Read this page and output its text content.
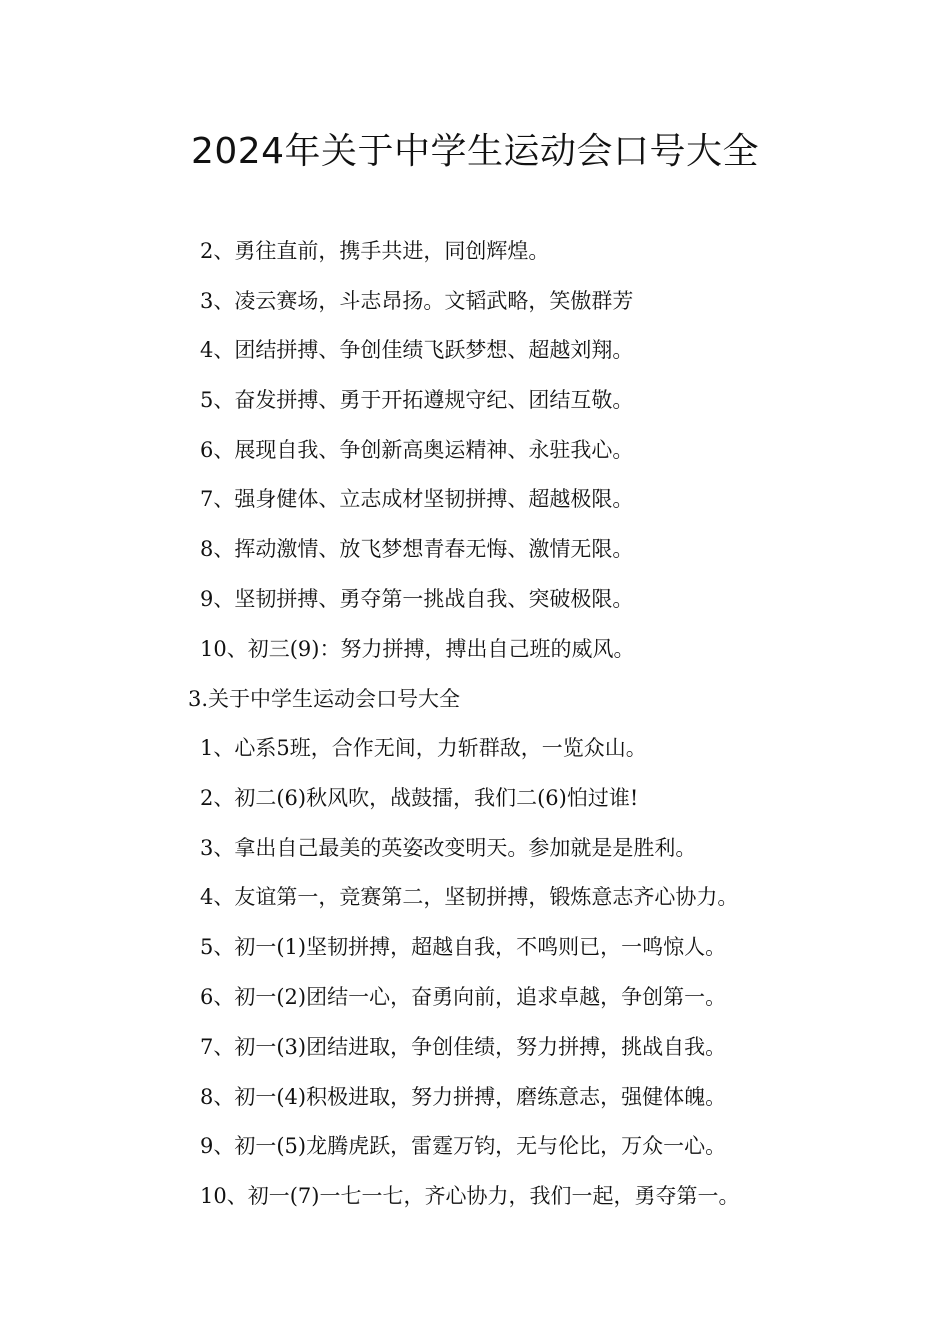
2024年关于中学生运动会口号大全
2、勇往直前，携手共进，同创辉煌。
3、凌云赛场，斗志昂扬。文韬武略，笑傲群芳
4、团结拼搏、争创佳绩飞跃梦想、超越刘翔。
5、奋发拼搏、勇于开拓遵规守纪、团结互敬。
6、展现自我、争创新高奥运精神、永驻我心。
7、强身健体、立志成材坚韧拼搏、超越极限。
8、挥动激情、放飞梦想青春无悔、激情无限。
9、坚韧拼搏、勇夺第一挑战自我、突破极限。
10、初三(9)：努力拼搏，搏出自己班的威风。
3.关于中学生运动会口号大全
1、心系5班，合作无间，力斩群敌，一览众山。
2、初二(6)秋风吹，战鼓擂，我们二(6)怕过谁!
3、拿出自己最美的英姿改变明天。参加就是是胜利。
4、友谊第一，竞赛第二，坚韧拼搏，锻炼意志齐心协力。
5、初一(1)坚韧拼搏，超越自我，不鸣则已，一鸣惊人。
6、初一(2)团结一心，奋勇向前，追求卓越，争创第一。
7、初一(3)团结进取，争创佳绩，努力拼搏，挑战自我。
8、初一(4)积极进取，努力拼搏，磨练意志，强健体魄。
9、初一(5)龙腾虎跃，雷霆万钧，无与伦比，万众一心。
10、初一(7)一七一七，齐心协力，我们一起，勇夺第一。
